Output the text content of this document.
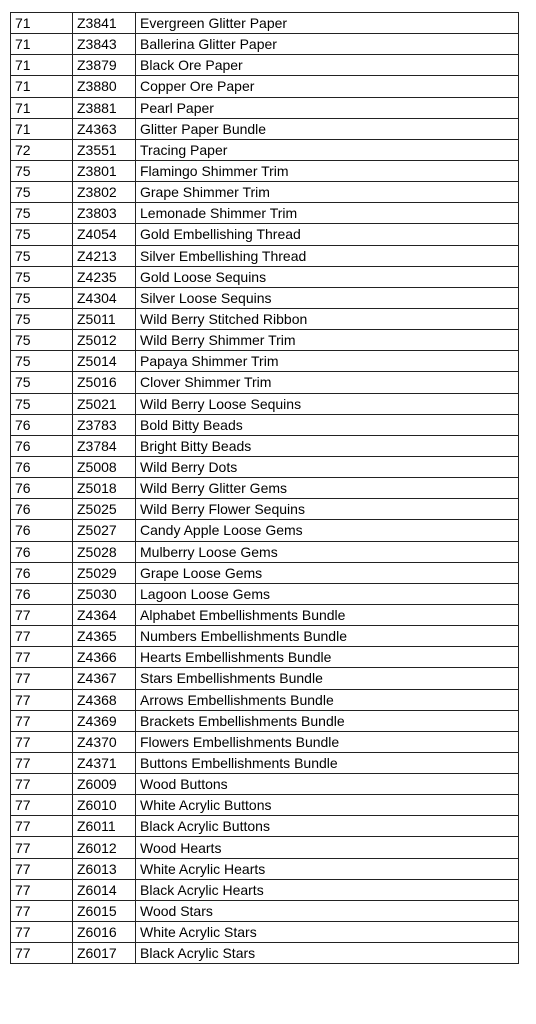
71	Z3841	Evergreen Glitter Paper
71	Z3843	Ballerina Glitter Paper
71	Z3879	Black Ore Paper
71	Z3880	Copper Ore Paper
71	Z3881	Pearl Paper
71	Z4363	Glitter Paper Bundle
72	Z3551	Tracing Paper
75	Z3801	Flamingo Shimmer Trim
75	Z3802	Grape Shimmer Trim
75	Z3803	Lemonade Shimmer Trim
75	Z4054	Gold Embellishing Thread
75	Z4213	Silver Embellishing Thread
75	Z4235	Gold Loose Sequins
75	Z4304	Silver Loose Sequins
75	Z5011	Wild Berry Stitched Ribbon
75	Z5012	Wild Berry Shimmer Trim
75	Z5014	Papaya Shimmer Trim
75	Z5016	Clover Shimmer Trim
75	Z5021	Wild Berry Loose Sequins
76	Z3783	Bold Bitty Beads
76	Z3784	Bright Bitty Beads
76	Z5008	Wild Berry Dots
76	Z5018	Wild Berry Glitter Gems
76	Z5025	Wild Berry Flower Sequins
76	Z5027	Candy Apple Loose Gems
76	Z5028	Mulberry Loose Gems
76	Z5029	Grape Loose Gems
76	Z5030	Lagoon Loose Gems
77	Z4364	Alphabet Embellishments Bundle
77	Z4365	Numbers Embellishments Bundle
77	Z4366	Hearts Embellishments Bundle
77	Z4367	Stars Embellishments Bundle
77	Z4368	Arrows Embellishments Bundle
77	Z4369	Brackets Embellishments Bundle
77	Z4370	Flowers Embellishments Bundle
77	Z4371	Buttons Embellishments Bundle
77	Z6009	Wood Buttons
77	Z6010	White Acrylic Buttons
77	Z6011	Black Acrylic Buttons
77	Z6012	Wood Hearts
77	Z6013	White Acrylic Hearts
77	Z6014	Black Acrylic Hearts
77	Z6015	Wood Stars
77	Z6016	White Acrylic Stars
77	Z6017	Black Acrylic Stars
